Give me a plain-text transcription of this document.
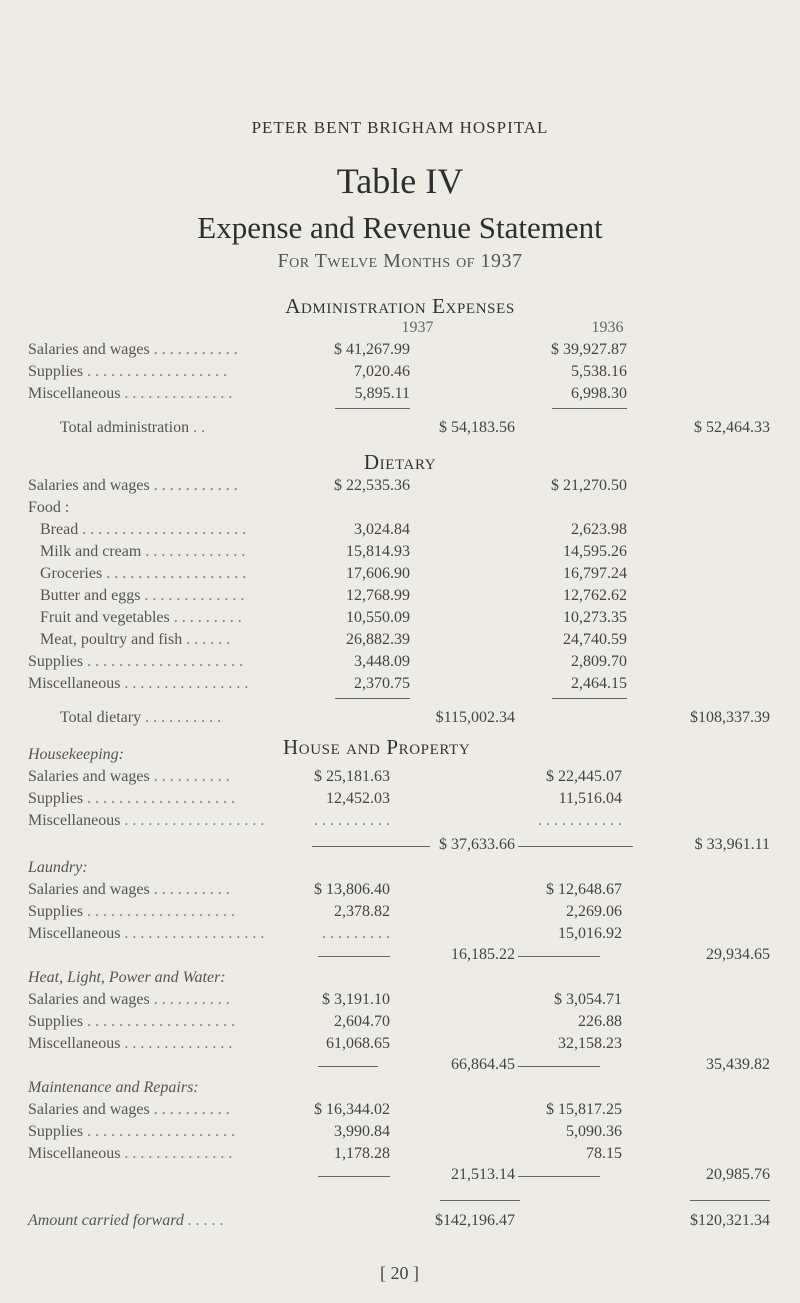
PETER BENT BRIGHAM HOSPITAL
Table IV
Expense and Revenue Statement
For Twelve Months of 1937
Administration Expenses
1937	1936
Salaries and wages . . . . . . . . . . .	$ 41,267.99	$ 39,927.87
Supplies . . . . . . . . . . . . . . . . . .	7,020.46	5,538.16
Miscellaneous . . . . . . . . . . . . . .	5,895.11	6,998.30
Total administration . .	$ 54,183.56	$ 52,464.33
Dietary
Salaries and wages . . . . . . . . . . .	$ 22,535.36	$ 21,270.50
Food :
Bread . . . . . . . . . . . . . . . . . . . . .	3,024.84	2,623.98
Milk and cream . . . . . . . . . . . . .	15,814.93	14,595.26
Groceries . . . . . . . . . . . . . . . . . .	17,606.90	16,797.24
Butter and eggs . . . . . . . . . . . . .	12,768.99	12,762.62
Fruit and vegetables . . . . . . . . .	10,550.09	10,273.35
Meat, poultry and fish . . . . . .	26,882.39	24,740.59
Supplies . . . . . . . . . . . . . . . . . . . .	3,448.09	2,809.70
Miscellaneous . . . . . . . . . . . . . . . .	2,370.75	2,464.15
Total dietary . . . . . . . . . .	$115,002.34	$108,337.39
House and Property
Housekeeping:
Salaries and wages . . . . . . . . . .	$ 25,181.63	$ 22,445.07
Supplies . . . . . . . . . . . . . . . . . . .	12,452.03	11,516.04
Miscellaneous . . . . . . . . . . . . . . . . . .	. . . . . . . . . .	. . . . . . . . . . .
$ 37,633.66	$ 33,961.11
Laundry:
Salaries and wages . . . . . . . . . .	$ 13,806.40	$ 12,648.67
Supplies . . . . . . . . . . . . . . . . . . .	2,378.82	2,269.06
Miscellaneous . . . . . . . . . . . . . . . . . .	. . . . . . . . .	15,016.92
16,185.22	29,934.65
Heat, Light, Power and Water:
Salaries and wages . . . . . . . . . .	$ 3,191.10	$ 3,054.71
Supplies . . . . . . . . . . . . . . . . . . .	2,604.70	226.88
Miscellaneous . . . . . . . . . . . . . .	61,068.65	32,158.23
66,864.45	35,439.82
Maintenance and Repairs:
Salaries and wages . . . . . . . . . .	$ 16,344.02	$ 15,817.25
Supplies . . . . . . . . . . . . . . . . . . .	3,990.84	5,090.36
Miscellaneous . . . . . . . . . . . . . .	1,178.28	78.15
21,513.14	20,985.76
Amount carried forward . . . . .	$142,196.47	$120,321.34
[ 20 ]
